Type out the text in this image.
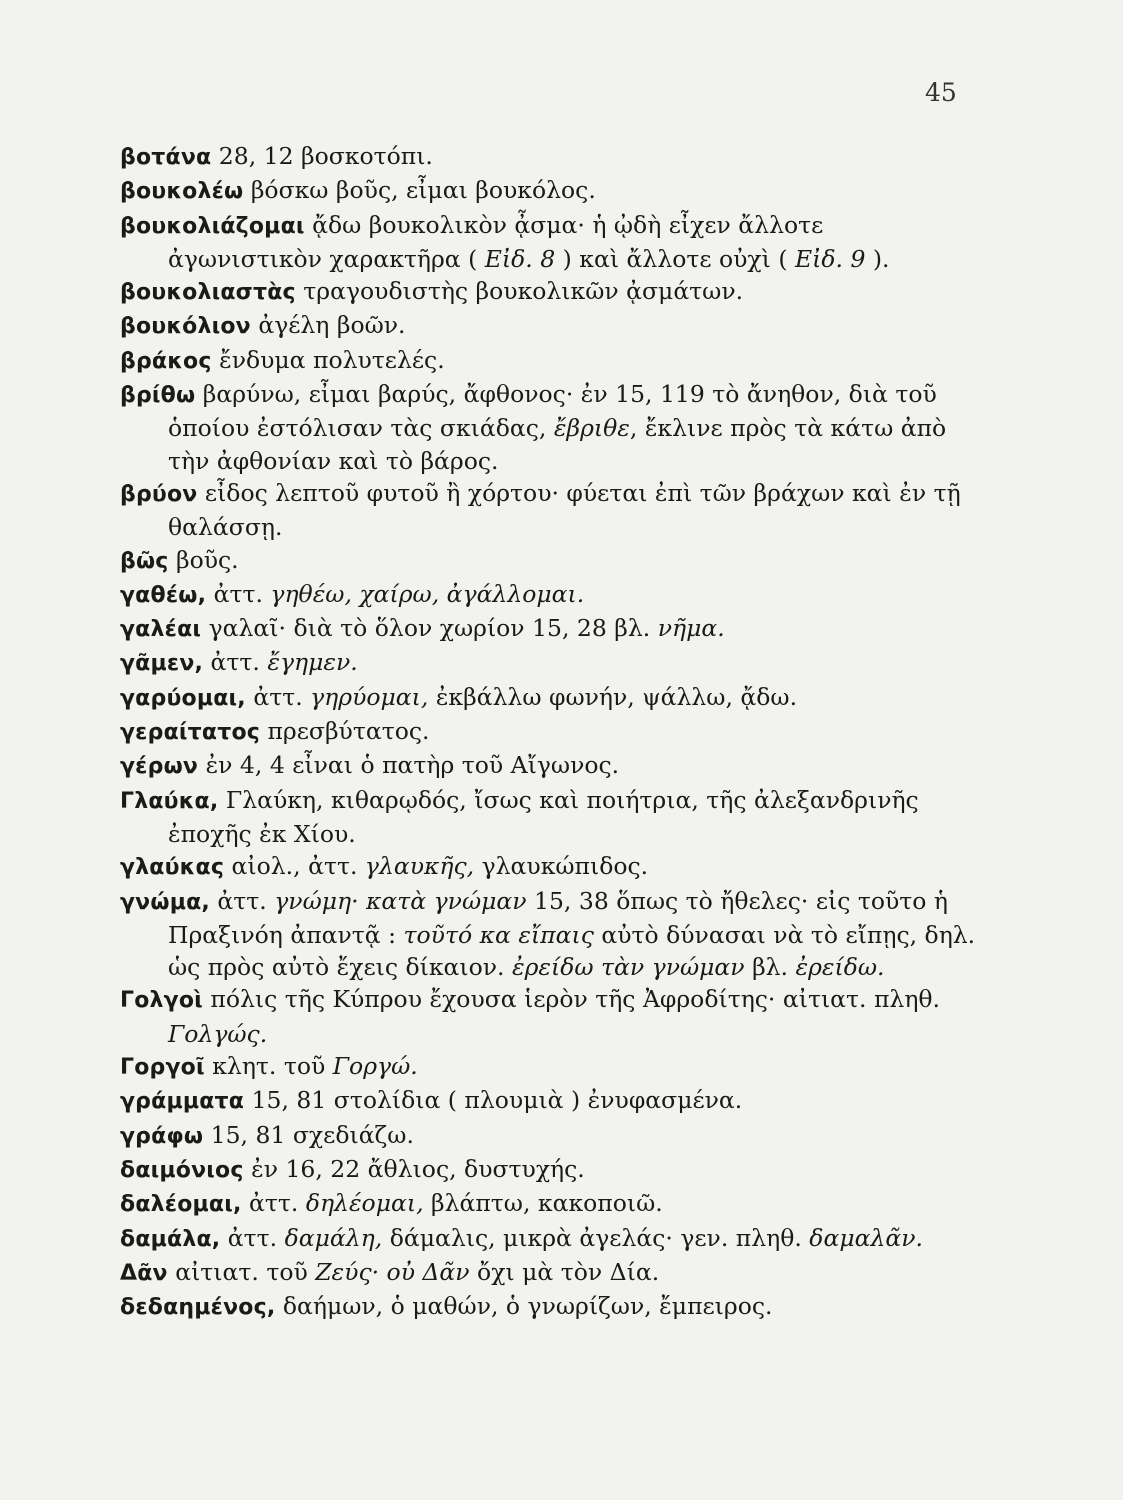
45
βοτάνα 28, 12 βοσκοτόπι.
βουκολέω βόσκω βοῦς, εἶμαι βουκόλος.
βουκολιάζομαι ᾄδω βουκολικὸν ᾆσμα· ἡ ᾠδὴ εἶχεν ἄλλοτε ἀγωνιστικὸν χαρακτῆρα ( Εἰδ. 8 ) καὶ ἄλλοτε οὐχὶ ( Εἰδ. 9 ).
βουκολιαστὰς τραγουδιστὴς βουκολικῶν ᾀσμάτων.
βουκόλιον ἀγέλη βοῶν.
βράκος ἔνδυμα πολυτελές.
βρίθω βαρύνω, εἶμαι βαρύς, ἄφθονος· ἐν 15, 119 τὸ ἄνηθον, διὰ τοῦ ὁποίου ἐστόλισαν τὰς σκιάδας, ἔβριθε, ἔκλινε πρὸς τὰ κάτω ἀπὸ τὴν ἀφθονίαν καὶ τὸ βάρος.
βρύον εἶδος λεπτοῦ φυτοῦ ἢ χόρτου· φύεται ἐπὶ τῶν βράχων καὶ ἐν τῇ θαλάσσῃ.
βῶς βοῦς.
γαθέω, ἀττ. γηθέω, χαίρω, ἀγάλλομαι.
γαλέαι γαλαῖ· διὰ τὸ ὅλον χωρίον 15, 28 βλ. νῆμα.
γᾶμεν, ἀττ. ἔγημεν.
γαρύομαι, ἀττ. γηρύομαι, ἐκβάλλω φωνήν, ψάλλω, ᾄδω.
γεραίτατος πρεσβύτατος.
γέρων ἐν 4, 4 εἶναι ὁ πατὴρ τοῦ Αἴγωνος.
Γλαύκα, Γλαύκη, κιθαρῳδός, ἴσως καὶ ποιήτρια, τῆς ἀλεξανδρινῆς ἐποχῆς ἐκ Χίου.
γλαύκας αἰολ., ἀττ. γλαυκῆς, γλαυκώπιδος.
γνώμα, ἀττ. γνώμη· κατὰ γνώμαν 15, 38 ὅπως τὸ ἤθελες· εἰς τοῦτο ἡ Πραξινόη ἀπαντᾷ : τοῦτό κα εἴπαις αὐτὸ δύνασαι νὰ τὸ εἴπῃς, δηλ. ὡς πρὸς αὐτὸ ἔχεις δίκαιον. ἐρείδω τὰν γνώμαν βλ. ἐρείδω.
Γολγοὶ πόλις τῆς Κύπρου ἔχουσα ἱερὸν τῆς Ἀφροδίτης· αἰτιατ. πληθ. Γολγώς.
Γοργοῖ κλητ. τοῦ Γοργώ.
γράμματα 15, 81 στολίδια ( πλουμιὰ ) ἐνυφασμένα.
γράφω 15, 81 σχεδιάζω.
δαιμόνιος ἐν 16, 22 ἄθλιος, δυστυχής.
δαλέομαι, ἀττ. δηλέομαι, βλάπτω, κακοποιῶ.
δαμάλα, ἀττ. δαμάλη, δάμαλις, μικρὰ ἀγελάς· γεν. πληθ. δαμαλᾶν.
Δᾶν αἰτιατ. τοῦ Ζεύς· οὐ Δᾶν ὄχι μὰ τὸν Δία.
δεδαημένος, δαήμων, ὁ μαθών, ὁ γνωρίζων, ἔμπειρος.
